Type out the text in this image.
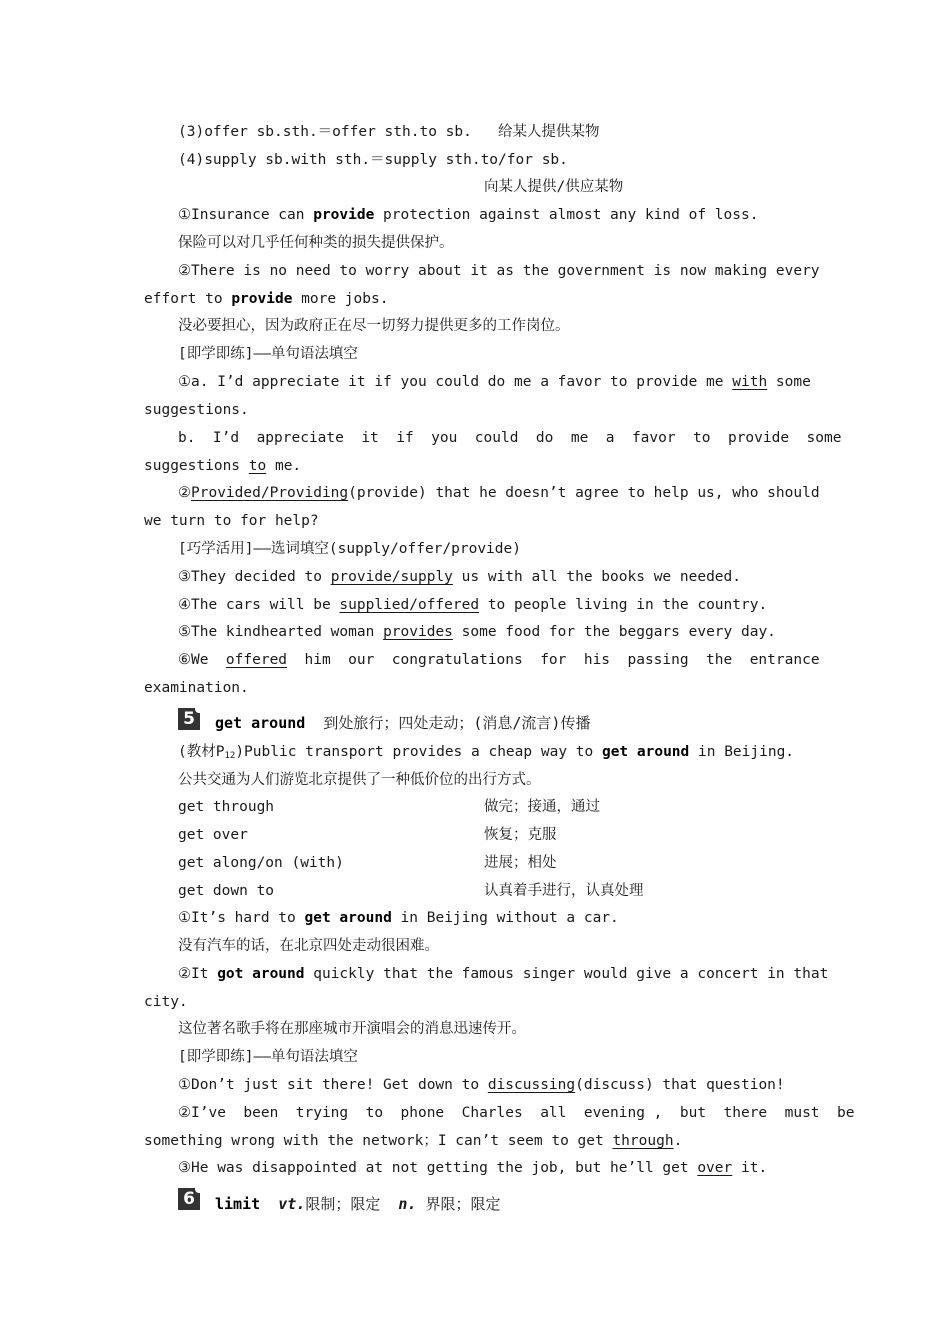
(3)offer sb.sth.＝offer sth.to sb.   给某人提供某物
(4)supply sb.with sth.＝supply sth.to/for sb.
向某人提供/供应某物
①Insurance can provide protection against almost any kind of loss.
保险可以对几乎任何种类的损失提供保护。
②There is no need to worry about it as the government is now making every
effort to provide more jobs.
没必要担心，因为政府正在尽一切努力提供更多的工作岗位。
[即学即练]——单句语法填空
①a. I’d appreciate it if you could do me a favor to provide me with some
suggestions.
b.  I’d  appreciate  it  if  you  could  do  me  a  favor  to  provide  some
suggestions to me.
②Provided/Providing(provide) that he doesn’t agree to help us, who should
we turn to for help?
[巧学活用]——选词填空(supply/offer/provide)
③They decided to provide/supply us with all the books we needed.
④The cars will be supplied/offered to people living in the country.
⑤The kindhearted woman provides some food for the beggars every day.
⑥We  offered  him  our  congratulations  for  his  passing  the  entrance
examination.
5	get around  到处旅行；四处走动；(消息/流言)传播
(教材$P_{12})Public$ transport provides a cheap way to get around in Beijing.
公共交通为人们游览北京提供了一种低价位的出行方式。
get through	做完；接通，通过
get over	恢复；克服
get along/on (with)	进展；相处
get down to	认真着手进行，认真处理
①It’s hard to get around in Beijing without a car.
没有汽车的话，在北京四处走动很困难。
②It got around quickly that the famous singer would give a concert in that
city.
这位著名歌手将在那座城市开演唱会的消息迅速传开。
[即学即练]——单句语法填空
①Don’t just sit there! Get down to discussing(discuss) that question!
②I’ve  been  trying  to  phone  Charles  all  evening ,  but  there  must  be
something wrong with the network；I can’t seem to get through.
③He was disappointed at not getting the job, but he’ll get over it.
6	limit vt.限制；限定  n. 界限；限定
